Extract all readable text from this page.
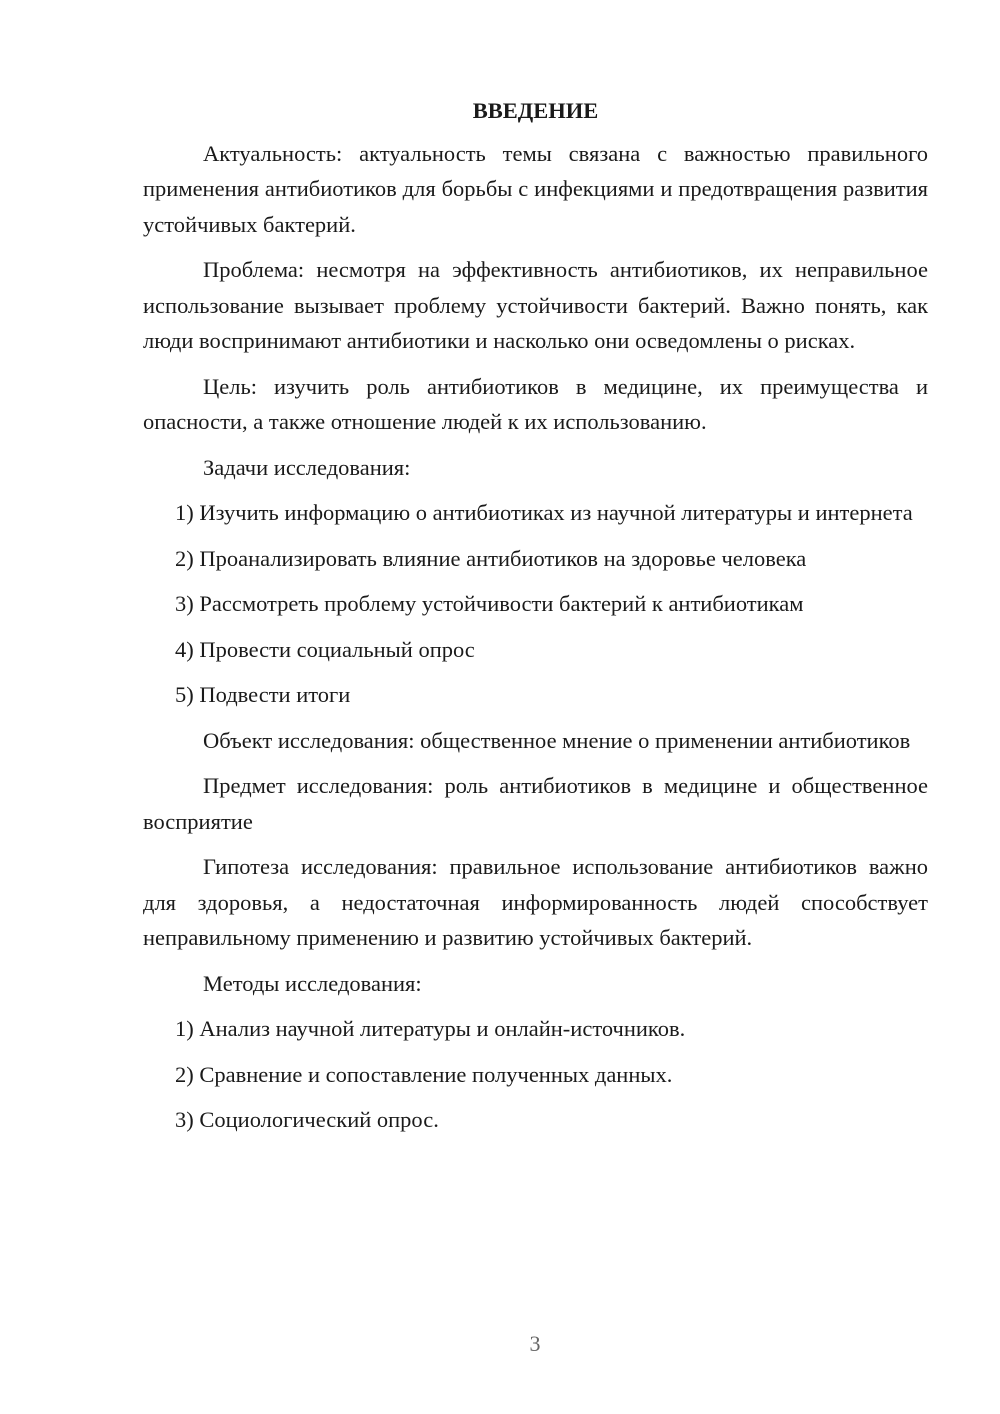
ВВЕДЕНИЕ
Актуальность: актуальность темы связана с важностью правильного применения антибиотиков для борьбы с инфекциями и предотвращения развития устойчивых бактерий.
Проблема: несмотря на эффективность антибиотиков, их неправильное использование вызывает проблему устойчивости бактерий. Важно понять, как люди воспринимают антибиотики и насколько они осведомлены о рисках.
Цель: изучить роль антибиотиков в медицине, их преимущества и опасности, а также отношение людей к их использованию.
Задачи исследования:
1) Изучить информацию о антибиотиках из научной литературы и интернета
2) Проанализировать влияние антибиотиков на здоровье человека
3) Рассмотреть проблему устойчивости бактерий к антибиотикам
4) Провести социальный опрос
5) Подвести итоги
Объект исследования: общественное мнение о применении антибиотиков
Предмет исследования: роль антибиотиков в медицине и общественное восприятие
Гипотеза исследования: правильное использование антибиотиков важно для здоровья, а недостаточная информированность людей способствует неправильному применению и развитию устойчивых бактерий.
Методы исследования:
1) Анализ научной литературы и онлайн-источников.
2) Сравнение и сопоставление полученных данных.
3) Социологический опрос.
3
